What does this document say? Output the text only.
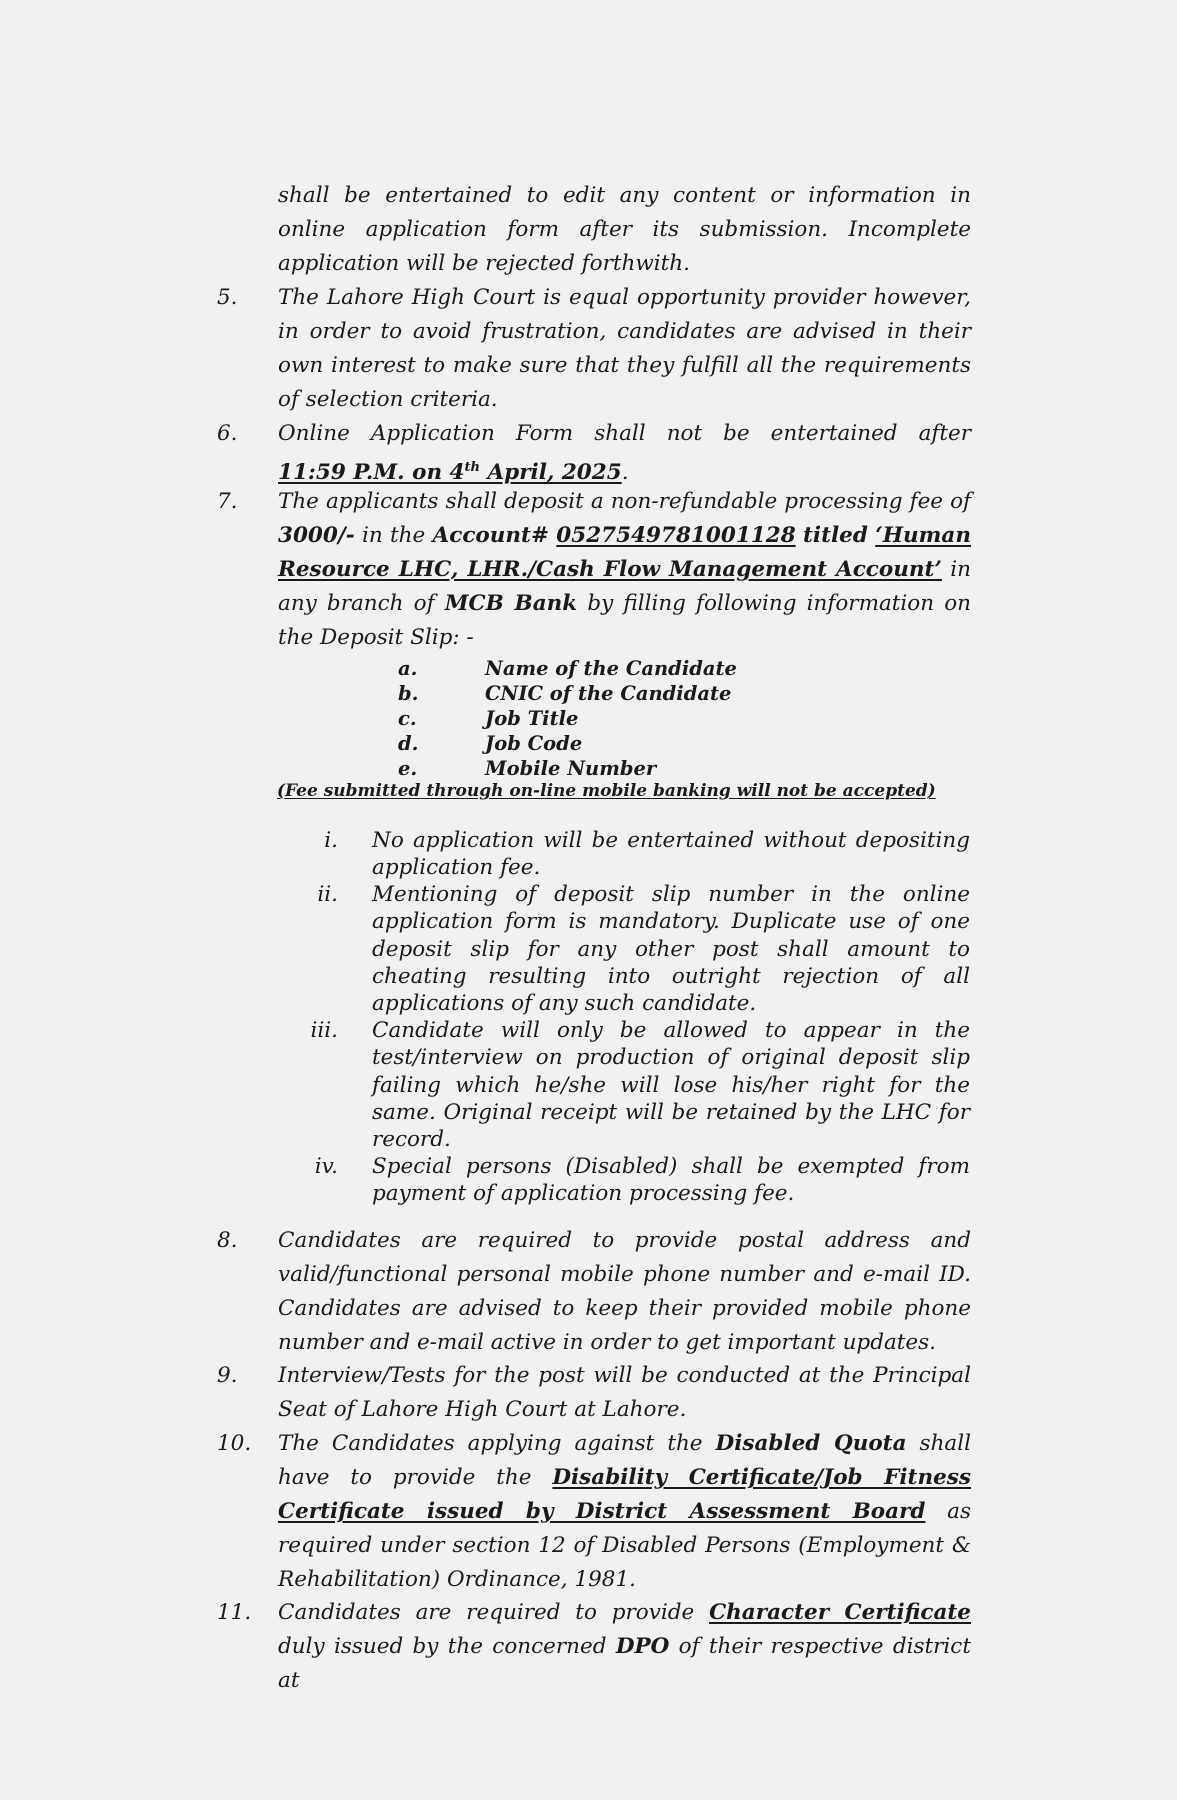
shall be entertained to edit any content or information in online application form after its submission. Incomplete application will be rejected forthwith.
5. The Lahore High Court is equal opportunity provider however, in order to avoid frustration, candidates are advised in their own interest to make sure that they fulfill all the requirements of selection criteria.
6. Online Application Form shall not be entertained after
11:59 P.M. on 4th April, 2025.
7. The applicants shall deposit a non-refundable processing fee of 3000/- in the Account# 0527549781001128 titled ‘Human Resource LHC, LHR./Cash Flow Management Account’ in any branch of MCB Bank by filling following information on the Deposit Slip: -
a.	Name of the Candidate
b.	CNIC of the Candidate
c.	Job Title
d.	Job Code
e.	Mobile Number
(Fee submitted through on-line mobile banking will not be accepted)
i. No application will be entertained without depositing application fee.
ii. Mentioning of deposit slip number in the online application form is mandatory. Duplicate use of one deposit slip for any other post shall amount to cheating resulting into outright rejection of all applications of any such candidate.
iii. Candidate will only be allowed to appear in the test/interview on production of original deposit slip failing which he/she will lose his/her right for the same. Original receipt will be retained by the LHC for record.
iv. Special persons (Disabled) shall be exempted from payment of application processing fee.
8. Candidates are required to provide postal address and valid/functional personal mobile phone number and e-mail ID. Candidates are advised to keep their provided mobile phone number and e-mail active in order to get important updates.
9. Interview/Tests for the post will be conducted at the Principal Seat of Lahore High Court at Lahore.
10. The Candidates applying against the Disabled Quota shall have to provide the Disability Certificate/Job Fitness Certificate issued by District Assessment Board as required under section 12 of Disabled Persons (Employment & Rehabilitation) Ordinance, 1981.
11. Candidates are required to provide Character Certificate duly issued by the concerned DPO of their respective district at
